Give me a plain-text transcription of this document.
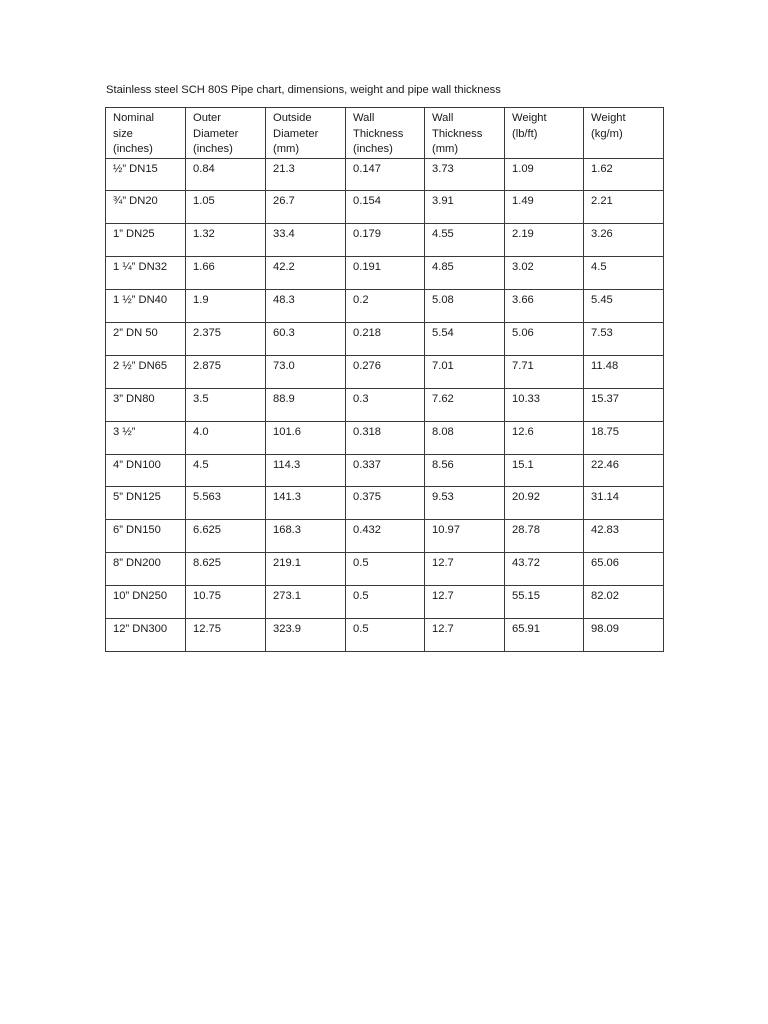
Stainless steel SCH 80S Pipe chart, dimensions, weight and pipe wall thickness
Nominal
size
(inches)	Outer
Diameter
(inches)	Outside
Diameter
(mm)	Wall
Thickness
(inches)	Wall
Thickness
(mm)	Weight
(lb/ft)	Weight
(kg/m)

½” DN15	0.84	21.3	0.147	3.73	1.09	1.62
¾” DN20	1.05	26.7	0.154	3.91	1.49	2.21
1” DN25	1.32	33.4	0.179	4.55	2.19	3.26
1 ¼” DN32	1.66	42.2	0.191	4.85	3.02	4.5
1 ½” DN40	1.9	48.3	0.2	5.08	3.66	5.45
2” DN 50	2.375	60.3	0.218	5.54	5.06	7.53
2 ½” DN65	2.875	73.0	0.276	7.01	7.71	11.48
3” DN80	3.5	88.9	0.3	7.62	10.33	15.37
3 ½”	4.0	101.6	0.318	8.08	12.6	18.75
4” DN100	4.5	114.3	0.337	8.56	15.1	22.46
5” DN125	5.563	141.3	0.375	9.53	20.92	31.14
6” DN150	6.625	168.3	0.432	10.97	28.78	42.83
8” DN200	8.625	219.1	0.5	12.7	43.72	65.06
10” DN250	10.75	273.1	0.5	12.7	55.15	82.02
12” DN300	12.75	323.9	0.5	12.7	65.91	98.09
